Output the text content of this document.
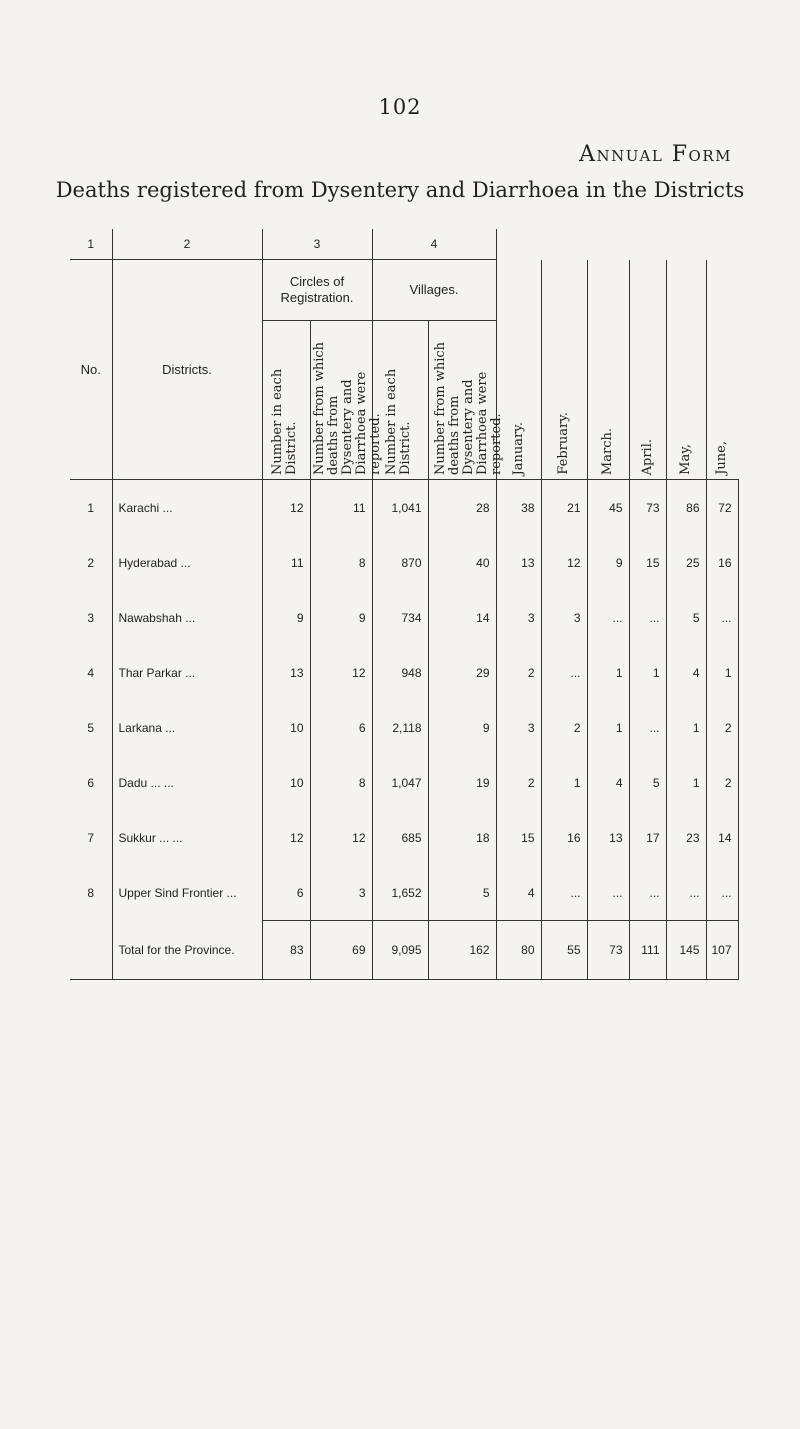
102
Annual Form
Deaths registered from Dysentery and Diarrhoea in the Districts
1	2	3		4							
No.	Districts.	Circles of Registration.		Villages.		January.	February.	March.	April.	May,	June,

		Number in each District.	Number from which deaths from Dysentery and Diarrhoea were reported.	Number in each District.	Number from which deaths from Dysentery and Diarrhoea were reported.						

1	Karachi ...	12	11	1,041	28	38	21	45	73	86	72
2	Hyderabad ...	11	8	870	40	13	12	9	15	25	16
3	Nawabshah ...	9	9	734	14	3	3	...	...	5	...
4	Thar Parkar ...	13	12	948	29	2	...	1	1	4	1
5	Larkana ...	10	6	2,118	9	3	2	1	...	1	2
6	Dadu ... ...	10	8	1,047	19	2	1	4	5	1	2
7	Sukkur ... ...	12	12	685	18	15	16	13	17	23	14
8	Upper Sind Frontier ...	6	3	1,652	5	4	...	...	...	...	...

	Total for the Province.	83	69	9,095	162	80	55	73	111	145	107
